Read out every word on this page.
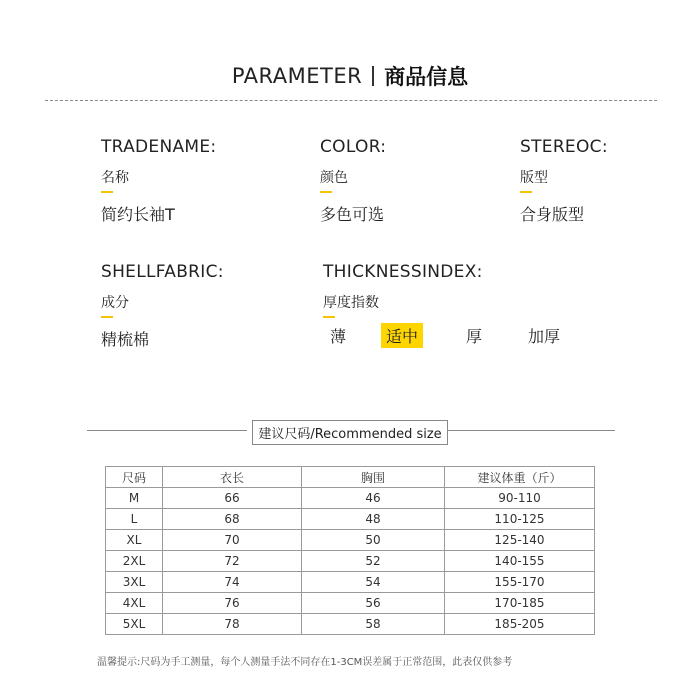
PARAMETER 商品信息
TRADENAME:
名称
简约长袖T
COLOR:
颜色
多色可选
STEREOC:
版型
合身版型
SHELLFABRIC:
成分
精梳棉
THICKNESSINDEX:
厚度指数
薄	适中	厚	加厚
建议尺码/Recommended size
尺码	衣长	胸围	建议体重（斤）
M	66	46	90-110
L	68	48	110-125
XL	70	50	125-140
2XL	72	52	140-155
3XL	74	54	155-170
4XL	76	56	170-185
5XL	78	58	185-205
温馨提示:尺码为手工测量，每个人测量手法不同存在1-3CM误差属于正常范围，此表仅供参考
